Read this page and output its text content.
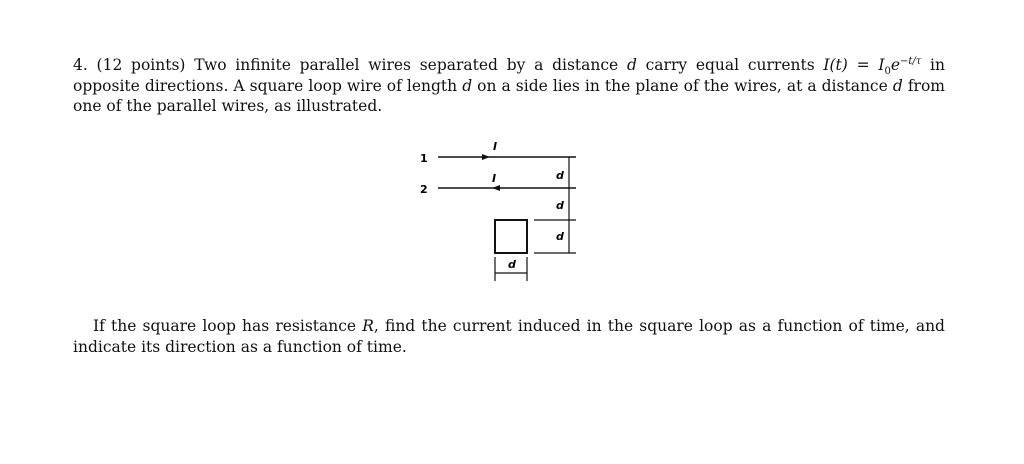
4. (12 points) Two infinite parallel wires separated by a distance d carry equal currents $I(t) = I_0e^{-t/\tau}$ in opposite directions. A square loop wire of length d on a side lies in the plane of the wires, at a distance d from one of the parallel wires, as illustrated.
1
2
I
I	d
d
d
d
If the square loop has resistance R, find the current induced in the square loop as a function of time, and indicate its direction as a function of time.
